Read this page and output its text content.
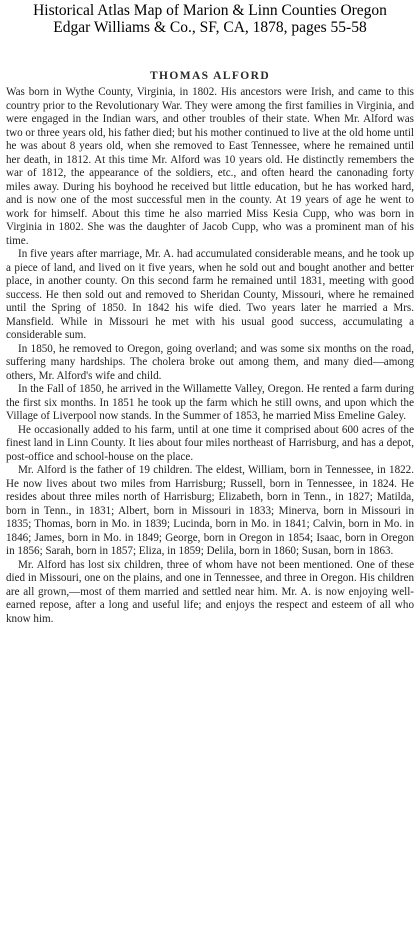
Historical Atlas Map of Marion & Linn Counties Oregon
Edgar Williams & Co., SF, CA, 1878, pages 55-58
THOMAS ALFORD

Was born in Wythe County, Virginia, in 1802. His ancestors were Irish, and came to this country prior to the Revolutionary War. They were among the first families in Virginia, and were engaged in the Indian wars, and other troubles of their state. When Mr. Alford was two or three years old, his father died; but his mother continued to live at the old home until he was about 8 years old, when she removed to East Tennessee, where he remained until her death, in 1812. At this time Mr. Alford was 10 years old. He distinctly remembers the war of 1812, the appearance of the soldiers, etc., and often heard the canonading forty miles away. During his boyhood he received but little education, but he has worked hard, and is now one of the most successful men in the county. At 19 years of age he went to work for himself. About this time he also married Miss Kesia Cupp, who was born in Virginia in 1802. She was the daughter of Jacob Cupp, who was a prominent man of his time.

In five years after marriage, Mr. A. had accumulated considerable means, and he took up a piece of land, and lived on it five years, when he sold out and bought another and better place, in another county. On this second farm he remained until 1831, meeting with good success. He then sold out and removed to Sheridan County, Missouri, where he remained until the Spring of 1850. In 1842 his wife died. Two years later he married a Mrs. Mansfield. While in Missouri he met with his usual good success, accumulating a considerable sum.

In 1850, he removed to Oregon, going overland; and was some six months on the road, suffering many hardships. The cholera broke out among them, and many died—among others, Mr. Alford's wife and child.

In the Fall of 1850, he arrived in the Willamette Valley, Oregon. He rented a farm during the first six months. In 1851 he took up the farm which he still owns, and upon which the Village of Liverpool now stands. In the Summer of 1853, he married Miss Emeline Galey.

He occasionally added to his farm, until at one time it comprised about 600 acres of the finest land in Linn County. It lies about four miles northeast of Harrisburg, and has a depot, post-office and school-house on the place.

Mr. Alford is the father of 19 children. The eldest, William, born in Tennessee, in 1822. He now lives about two miles from Harrisburg; Russell, born in Tennessee, in 1824. He resides about three miles north of Harrisburg; Elizabeth, born in Tenn., in 1827; Matilda, born in Tenn., in 1831; Albert, born in Missouri in 1833; Minerva, born in Missouri in 1835; Thomas, born in Mo. in 1839; Lucinda, born in Mo. in 1841; Calvin, born in Mo. in 1846; James, born in Mo. in 1849; George, born in Oregon in 1854; Isaac, born in Oregon in 1856; Sarah, born in 1857; Eliza, in 1859; Delila, born in 1860; Susan, born in 1863.

Mr. Alford has lost six children, three of whom have not been mentioned. One of these died in Missouri, one on the plains, and one in Tennessee, and three in Oregon. His children are all grown,—most of them married and settled near him. Mr. A. is now enjoying well-earned repose, after a long and useful life; and enjoys the respect and esteem of all who know him.
